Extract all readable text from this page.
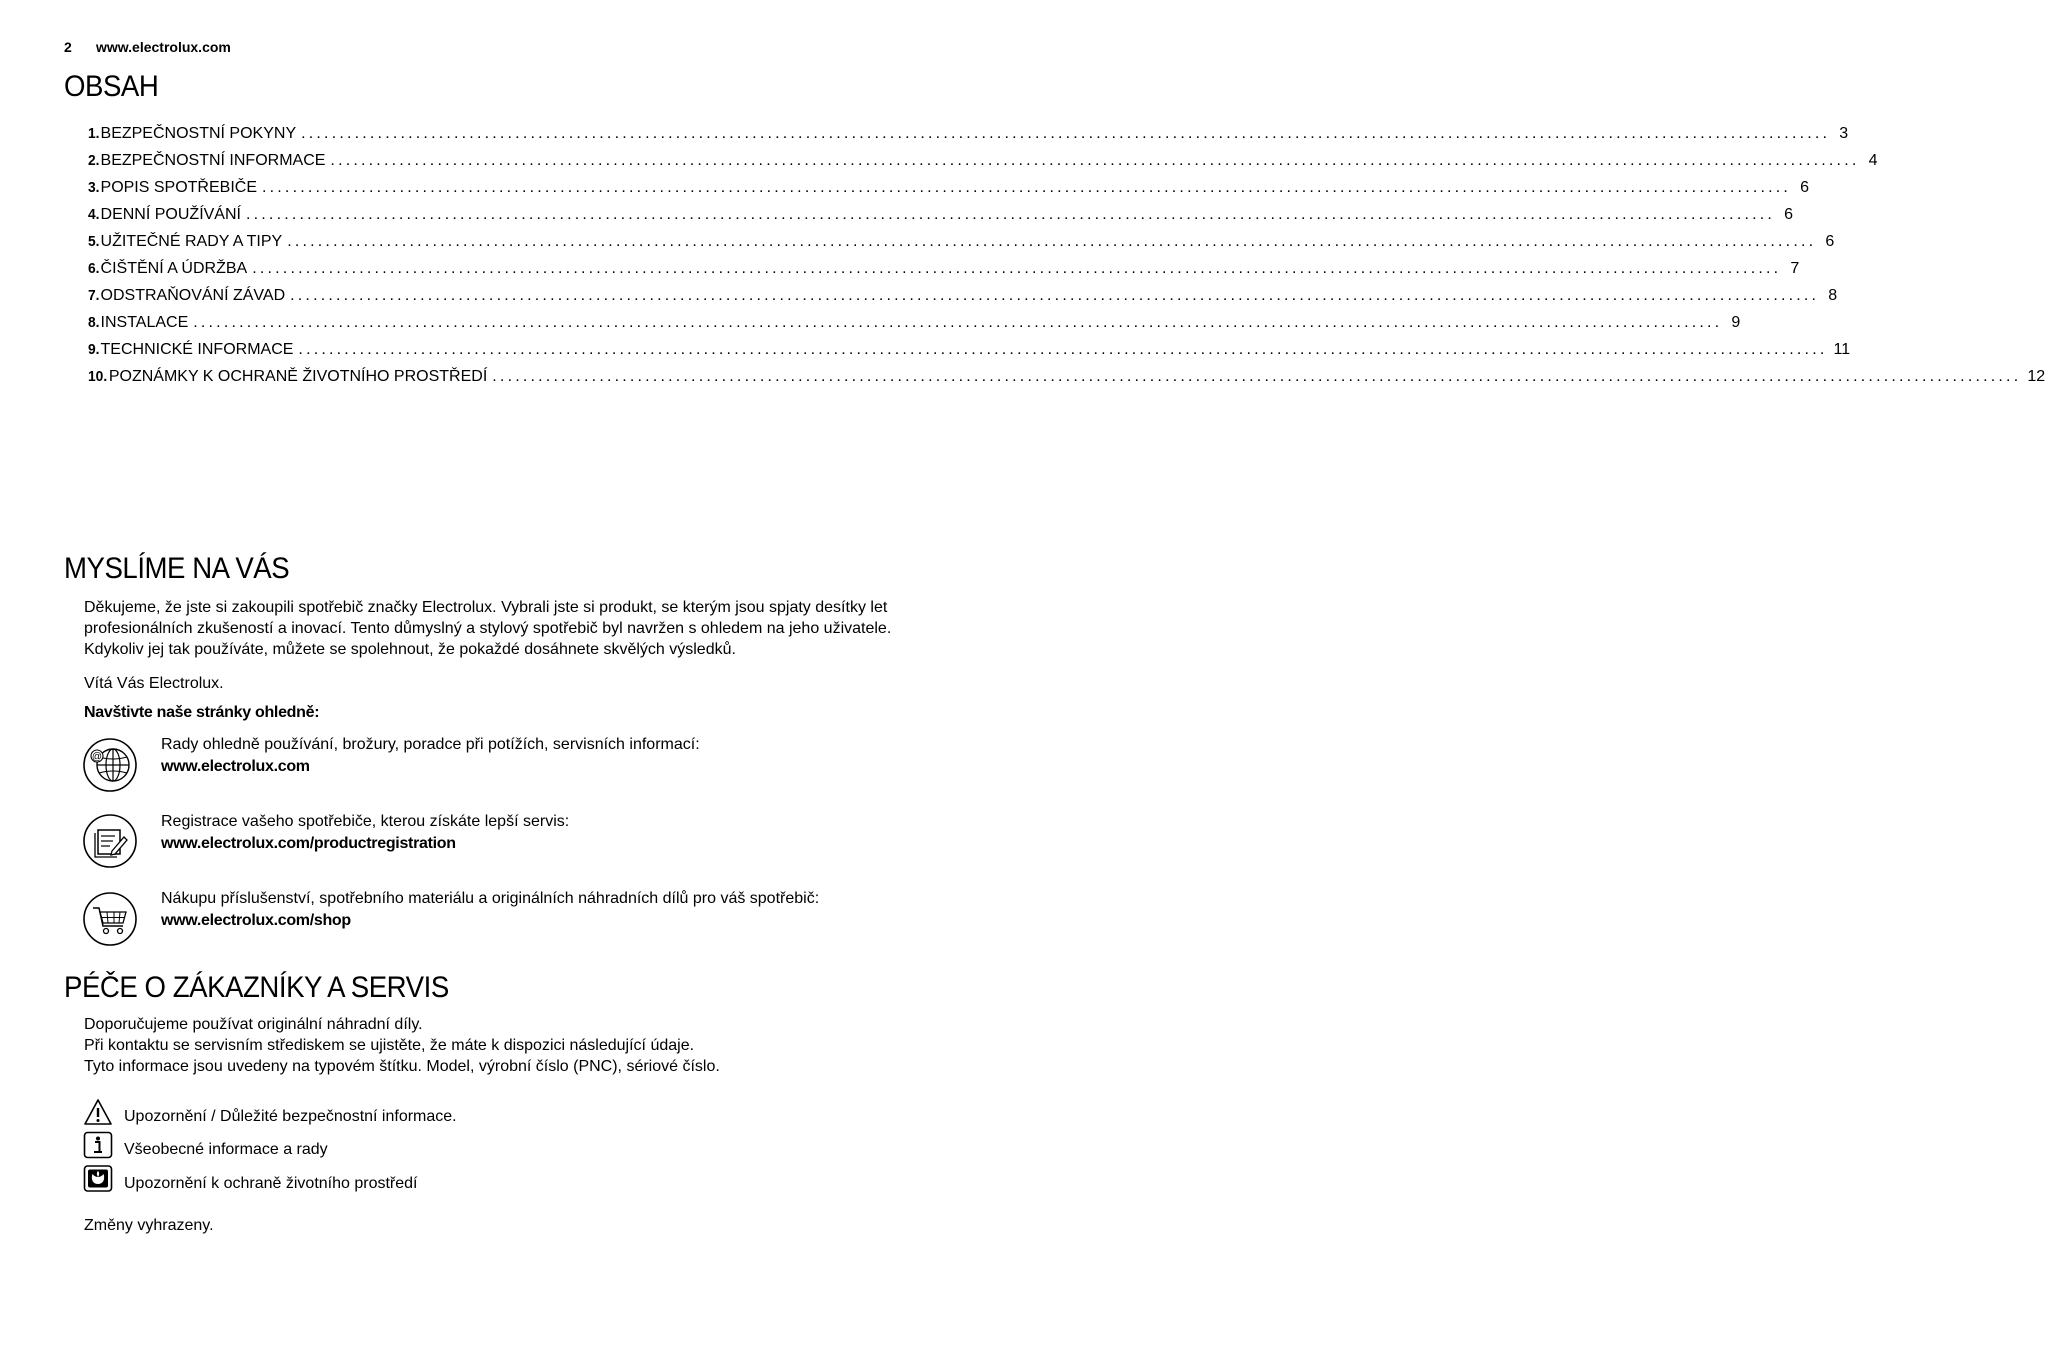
2 www.electrolux.com
OBSAH
1. BEZPEČNOSTNÍ POKYNY ........................................................................................................................................................................................................ 3
2. BEZPEČNOSTNÍ INFORMACE ........................................................................................................................................................................................................ 4
3. POPIS SPOTŘEBIČE ........................................................................................................................................................................................................ 6
4. DENNÍ POUŽÍVÁNÍ ........................................................................................................................................................................................................ 6
5. UŽITEČNÉ RADY A TIPY ........................................................................................................................................................................................................ 6
6. ČIŠTĚNÍ A ÚDRŽBA ........................................................................................................................................................................................................ 7
7. ODSTRAŇOVÁNÍ ZÁVAD ........................................................................................................................................................................................................ 8
8. INSTALACE ........................................................................................................................................................................................................ 9
9. TECHNICKÉ INFORMACE ........................................................................................................................................................................................................ 11
10. POZNÁMKY K OCHRANĚ ŽIVOTNÍHO PROSTŘEDÍ ........................................................................................................................................................................................................ 12
MYSLÍME NA VÁS
Děkujeme, že jste si zakoupili spotřebič značky Electrolux. Vybrali jste si produkt, se kterým jsou spjaty desítky let profesionálních zkušeností a inovací. Tento důmyslný a stylový spotřebič byl navržen s ohledem na jeho uživatele. Kdykoliv jej tak používáte, můžete se spolehnout, že pokaždé dosáhnete skvělých výsledků.
Vítá Vás Electrolux.
Navštivte naše stránky ohledně:
@
Rady ohledně používání, brožury, poradce při potížích, servisních informací:
www.electrolux.com
Registrace vašeho spotřebiče, kterou získáte lepší servis:
www.electrolux.com/productregistration
Nákupu příslušenství, spotřebního materiálu a originálních náhradních dílů pro váš spotřebič:
www.electrolux.com/shop
PÉČE O ZÁKAZNÍKY A SERVIS
Doporučujeme používat originální náhradní díly.
Při kontaktu se servisním střediskem se ujistěte, že máte k dispozici následující údaje.
Tyto informace jsou uvedeny na typovém štítku. Model, výrobní číslo (PNC), sériové číslo.
Upozornění / Důležité bezpečnostní informace.
Všeobecné informace a rady
Upozornění k ochraně životního prostředí
Změny vyhrazeny.
